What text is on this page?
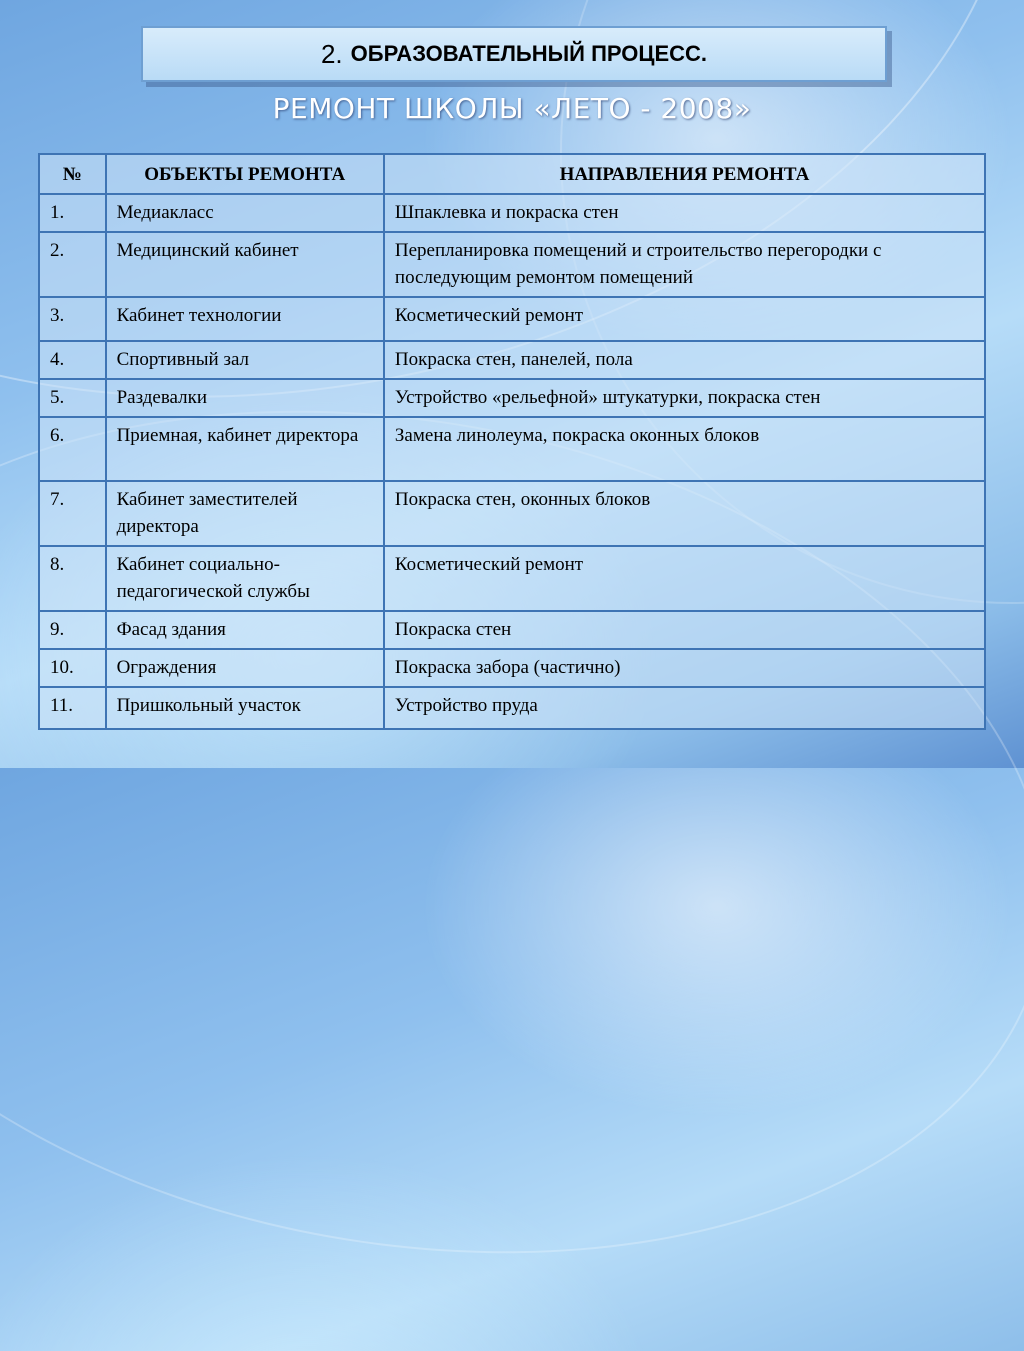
2. ОБРАЗОВАТЕЛЬНЫЙ ПРОЦЕСС.
РЕМОНТ ШКОЛЫ «ЛЕТО - 2008»
№	ОБЪЕКТЫ РЕМОНТА	НАПРАВЛЕНИЯ РЕМОНТА
1.	Медиакласс	Шпаклевка и покраска стен
2.	Медицинский кабинет	Перепланировка помещений и строительство перегородки с последующим ремонтом помещений
3.	Кабинет технологии	Косметический ремонт
4.	Спортивный зал	Покраска стен, панелей, пола
5.	Раздевалки	Устройство «рельефной» штукатурки, покраска стен
6.	Приемная, кабинет директора	Замена линолеума, покраска оконных блоков
7.	Кабинет заместителей директора	Покраска стен, оконных блоков
8.	Кабинет социально-педагогической службы	Косметический ремонт
9.	Фасад здания	Покраска стен
10.	Ограждения	Покраска забора (частично)
11.	Пришкольный участок	Устройство пруда
